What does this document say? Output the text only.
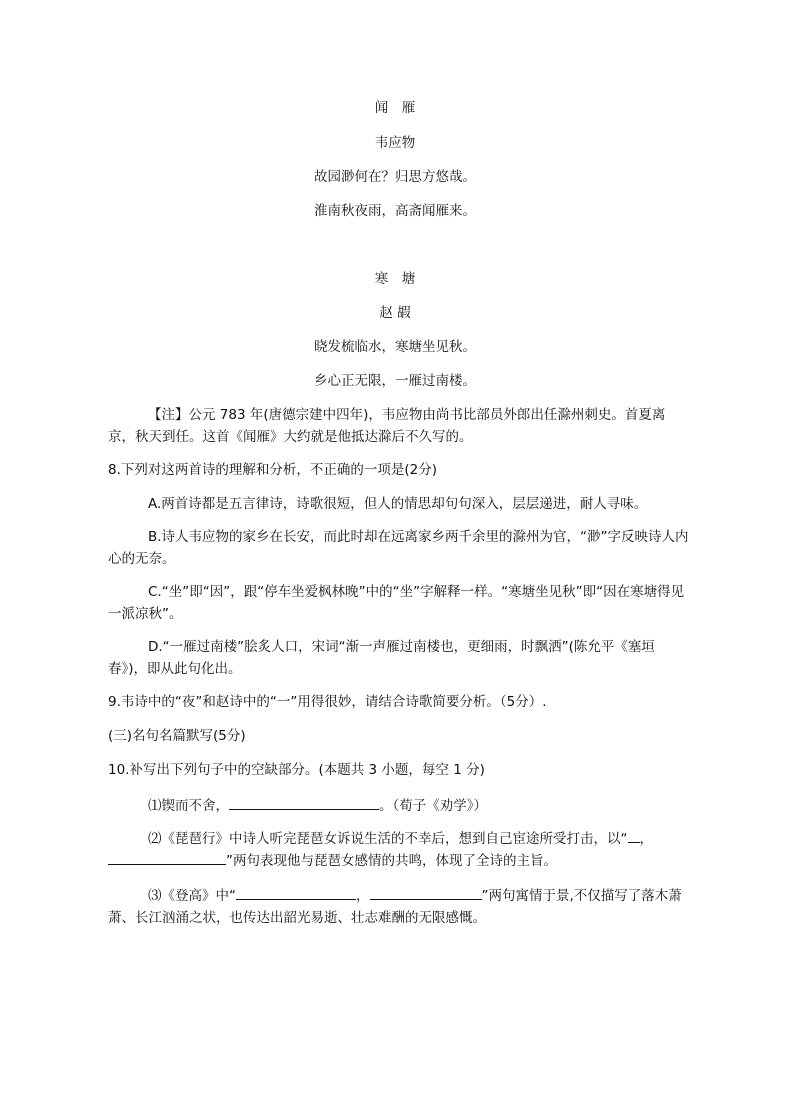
闻　雁
韦应物
故园渺何在？归思方悠哉。
淮南秋夜雨，高斋闻雁来。
寒　塘
赵 嘏
晓发梳临水，寒塘坐见秋。
乡心正无限，一雁过南楼。
【注】公元 783 年(唐德宗建中四年)，韦应物由尚书比部员外郎出任滁州刺史。首夏离京，秋天到任。这首《闻雁》大约就是他抵达滁后不久写的。
8.下列对这两首诗的理解和分析，不正确的一项是(2分)
A.两首诗都是五言律诗，诗歌很短，但人的情思却句句深入，层层递进，耐人寻味。
B.诗人韦应物的家乡在长安，而此时却在远离家乡两千余里的滁州为官，“渺”字反映诗人内心的无奈。
C.“坐”即“因”，跟“停车坐爱枫林晚”中的“坐”字解释一样。“寒塘坐见秋”即“因在寒塘得见一派凉秋”。
D.“一雁过南楼”脍炙人口，宋词“渐一声雁过南楼也，更细雨，时飘洒”(陈允平《塞垣春》)，即从此句化出。
9.韦诗中的“夜”和赵诗中的“一”用得很妙，请结合诗歌简要分析。（5分）.
(三)名句名篇默写(5分)
10.补写出下列句子中的空缺部分。(本题共 3 小题，每空 1 分)
⑴锲而不舍，	。（荀子《劝学》）
⑵《琵琶行》中诗人听完琵琶女诉说生活的不幸后，想到自己宦途所受打击，以“ ，”两句表现他与琵琶女感情的共鸣，体现了全诗的主旨。
⑶《登高》中“	，	”两句寓情于景,不仅描写了落木萧萧、长江汹涌之状，也传达出韶光易逝、壮志难酬的无限感慨。
